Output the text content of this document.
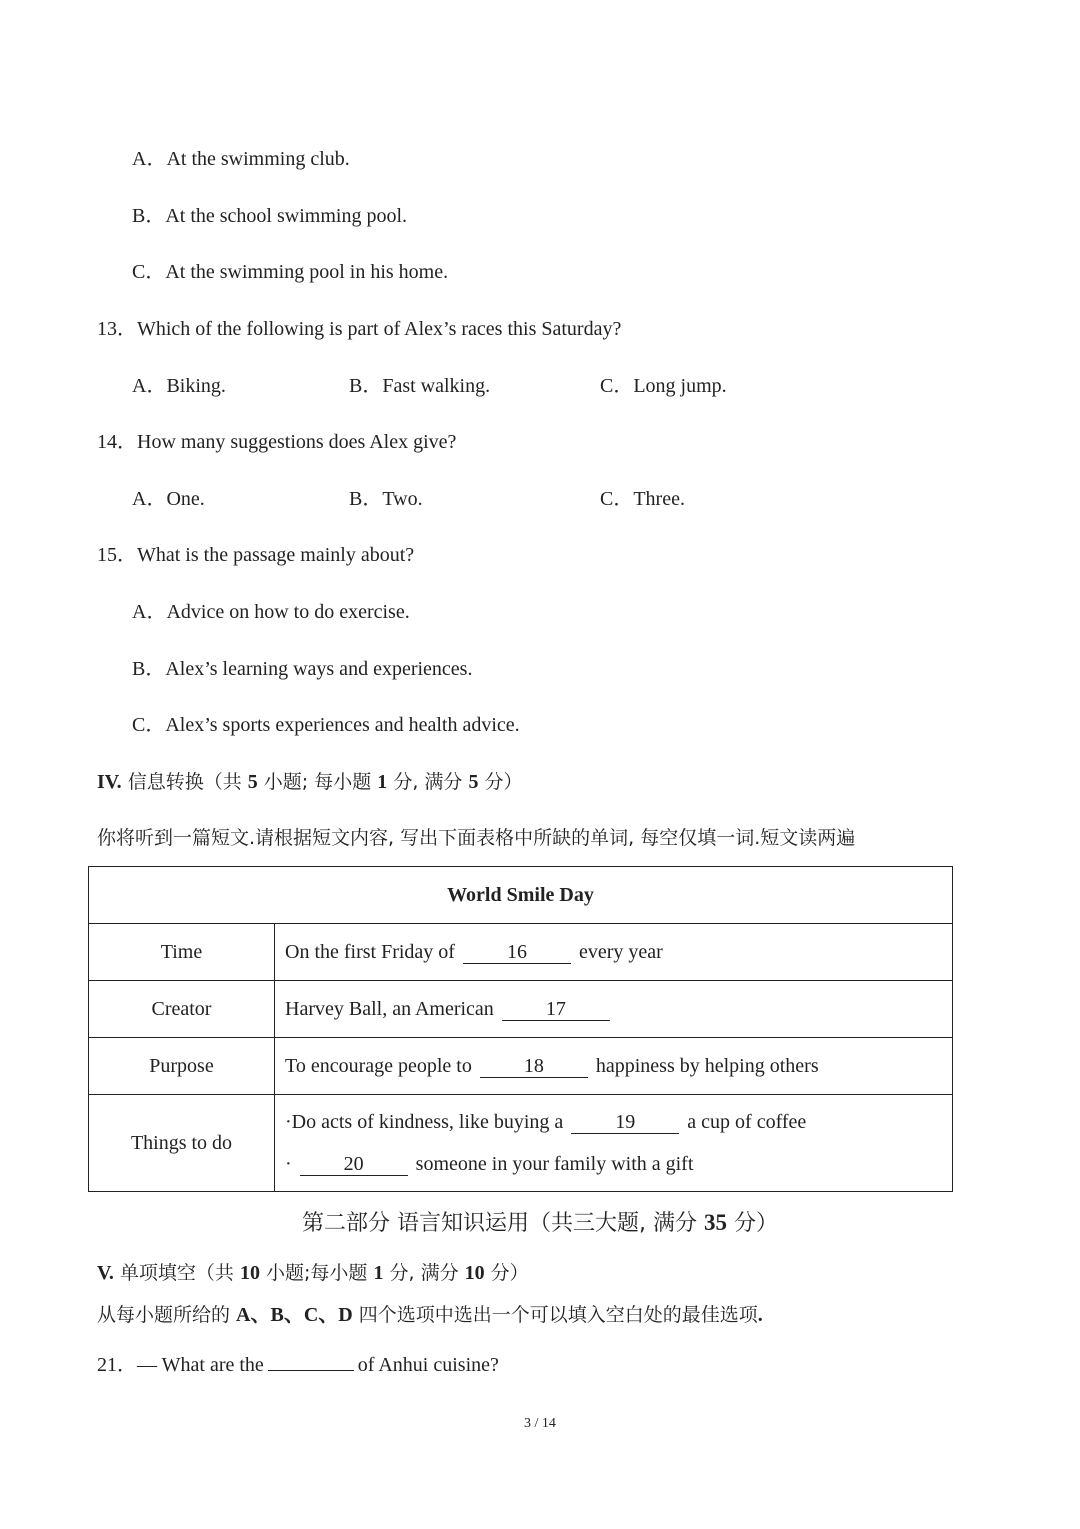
A．At the swimming club.
B．At the school swimming pool.
C．At the swimming pool in his home.
13．Which of the following is part of Alex’s races this Saturday?
A．Biking.	B．Fast walking.	C．Long jump.
14．How many suggestions does Alex give?
A．One.	B．Two.	C．Three.
15．What is the passage mainly about?
A．Advice on how to do exercise.
B．Alex’s learning ways and experiences.
C．Alex’s sports experiences and health advice.
IV. 信息转换（共 5 小题; 每小题 1 分, 满分 5 分）
你将听到一篇短文.请根据短文内容, 写出下面表格中所缺的单词, 每空仅填一词.短文读两遍
World Smile Day	
Time	On the first Friday of 16 every year
Creator	Harvey Ball, an American 17
Purpose	To encourage people to 18 happiness by helping others
Things to do	·Do acts of kindness, like buying a 19 a cup of coffee
· 20 someone in your family with a gift
第二部分 语言知识运用（共三大题, 满分 35 分）
V. 单项填空（共 10 小题;每小题 1 分, 满分 10 分）
从每小题所给的 A、B、C、D 四个选项中选出一个可以填入空白处的最佳选项.
21．— What are the	of Anhui cuisine?
3 / 14
